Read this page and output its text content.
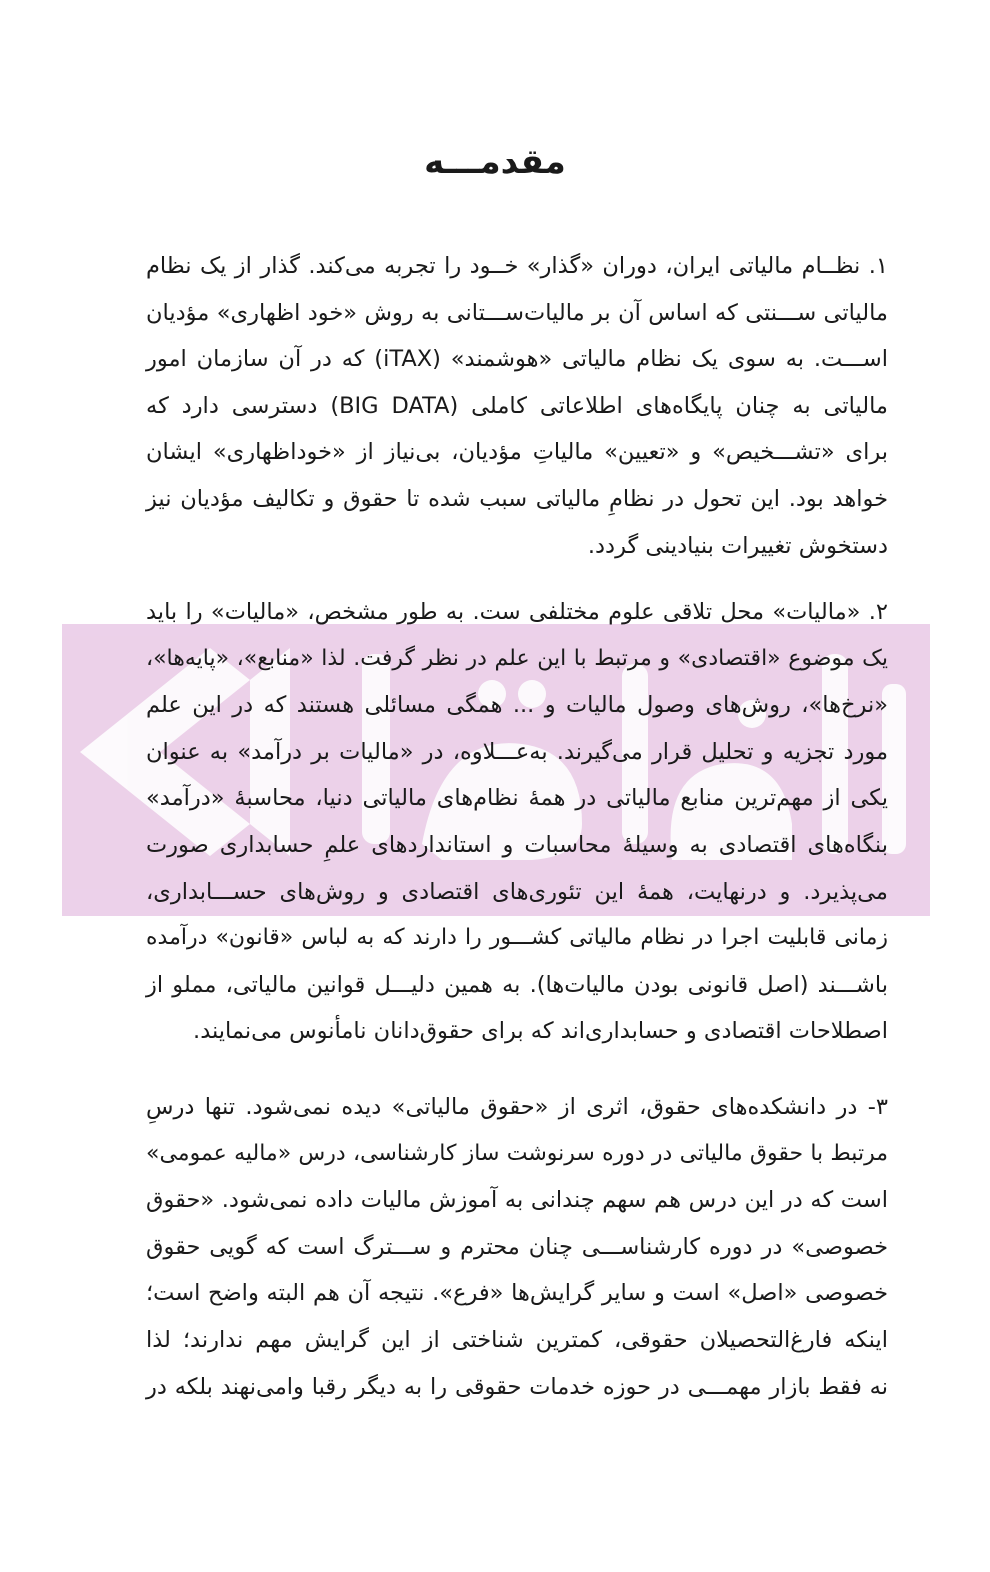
مقدمـــه
۱. نظــام مالیاتی ایران، دوران «گذار» خــود را تجربه می‌کند. گذار از یک نظام
مالیاتی ســـنتی که اساس آن بر مالیات‌ســـتانی به روش «خود اظهاری» مؤدیان
اســـت. به سوی یک نظام مالیاتی «هوشمند» (iTAX) که در آن سازمان امور
مالیاتی به چنان پایگاه‌های اطلاعاتی کاملی (BIG DATA) دسترسی دارد که
برای «تشـــخیص» و «تعیین» مالیاتِ مؤدیان، بی‌نیاز از «خوداظهاری» ایشان
خواهد بود. این تحول در نظامِ مالیاتی سبب شده تا حقوق و تکالیف مؤدیان نیز
دستخوش تغییرات بنیادینی گردد.
۲. «مالیات» محل تلاقی علوم مختلفی ست. به طور مشخص، «مالیات» را باید
یک موضوع «اقتصادی» و مرتبط با این علم در نظر گرفت. لذا «منابع»، «پایه‌ها»،
«نرخ‌ها»، روش‌های وصول مالیات و ... همگی مسائلی هستند که در این علم
مورد تجزیه و تحلیل قرار می‌گیرند. به‌عـــلاوه، در «مالیات بر درآمد» به عنوان
یکی از مهم‌ترین منابع مالیاتی در همهٔ نظام‌های مالیاتی دنیا، محاسبهٔ «درآمد»
بنگاه‌های اقتصادی به وسیلهٔ محاسبات و استانداردهای علمِ حسابداری صورت
می‌پذیرد. و درنهایت، همهٔ این تئوری‌های اقتصادی و روش‌های حســـابداری،
زمانی قابلیت اجرا در نظام مالیاتی کشـــور را دارند که به لباس «قانون» درآمده
باشـــند (اصل قانونی بودن مالیات‌ها). به همین دلیـــل قوانین مالیاتی، مملو از
اصطلاحات اقتصادی و حسابداری‌اند که برای حقوق‌دانان نامأنوس می‌نمایند.
۳- در دانشکده‌های حقوق، اثری از «حقوق مالیاتی» دیده نمی‌شود. تنها درسِ
مرتبط با حقوق مالیاتی در دوره سرنوشت ساز کارشناسی، درس «مالیه عمومی»
است که در این درس هم سهم چندانی به آموزش مالیات داده نمی‌شود. «حقوق
خصوصی» در دوره کارشناســـی چنان محترم و ســـترگ است که گویی حقوق
خصوصی «اصل» است و سایر گرایش‌ها «فرع». نتیجه آن هم البته واضح است؛
اینکه فارغ‌التحصیلان حقوقی، کمترین شناختی از این گرایش مهم ندارند؛ لذا
نه فقط بازار مهمـــی در حوزه خدمات حقوقی را به دیگر رقبا وامی‌نهند بلکه در
